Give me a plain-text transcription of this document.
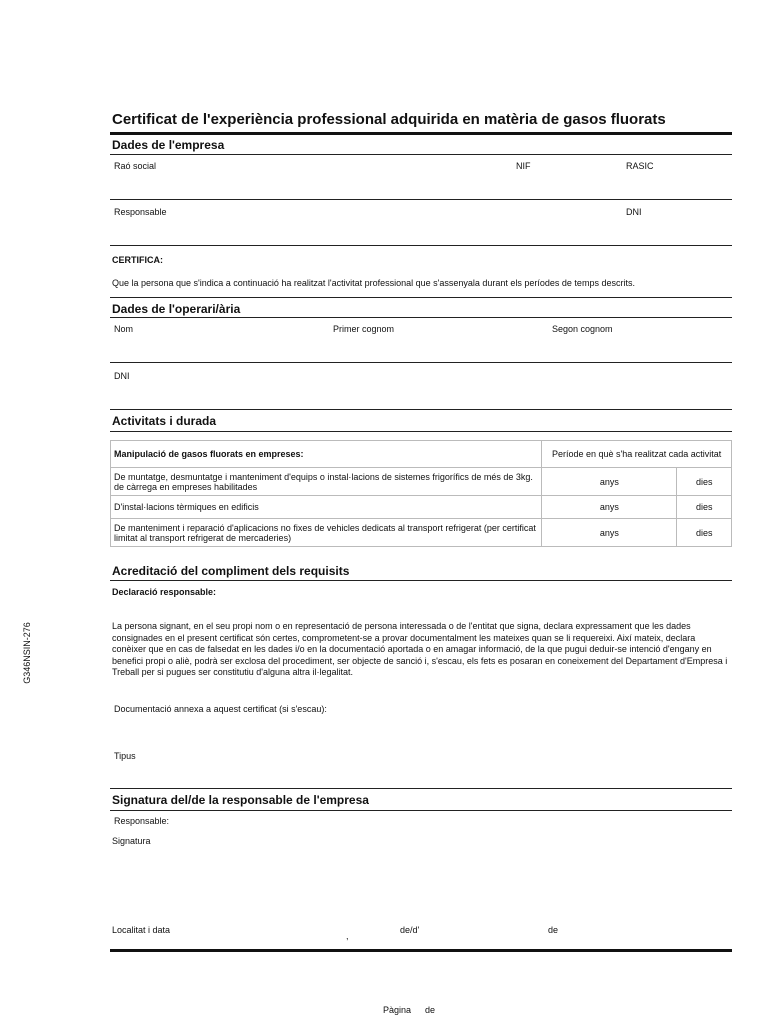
G346NSIN-276
Certificat de l'experiència professional adquirida en matèria de gasos fluorats
Dades de l'empresa
Raó social	NIF	RASIC
Responsable	DNI
CERTIFICA:
Que la persona que s'indica a continuació ha realitzat l'activitat professional que s'assenyala durant els períodes de temps descrits.
Dades de l'operari/ària
Nom	Primer cognom	Segon cognom
DNI
Activitats i durada
Manipulació de gasos fluorats en empreses:	Període en què s'ha realitzat cada activitat	
De muntatge, desmuntatge i manteniment d'equips o instal·lacions de sistemes frigorífics de més de 3kg. de càrrega en empreses habilitades	anys	dies
D'instal·lacions tèrmiques en edificis	anys	dies
De manteniment i reparació d'aplicacions no fixes de vehicles dedicats al transport refrigerat (per certificat limitat al transport refrigerat de mercaderies)	anys	dies
Acreditació del compliment dels requisits
Declaració responsable:
La persona signant, en el seu propi nom o en representació de persona interessada o de l'entitat que signa, declara expressament que les dades consignades en el present certificat són certes, comprometent-se a provar documentalment les mateixes quan se li requereixi. Així mateix, declara conèixer que en cas de falsedat en les dades i/o en la documentació aportada o en amagar informació, de la que pugui deduir-se intenció d'engany en benefici propi o aliè, podrà ser exclosa del procediment, ser objecte de sanció i, s'escau, els fets es posaran en coneixement del Departament d'Empresa i Treball per si pugues ser constitutiu d'alguna altra il·legalitat.
Documentació annexa a aquest certificat (si s'escau):
Tipus
Signatura del/de la responsable de l'empresa
Responsable:
Signatura
Localitat i data
,
de/d'	de
Pàgina de
